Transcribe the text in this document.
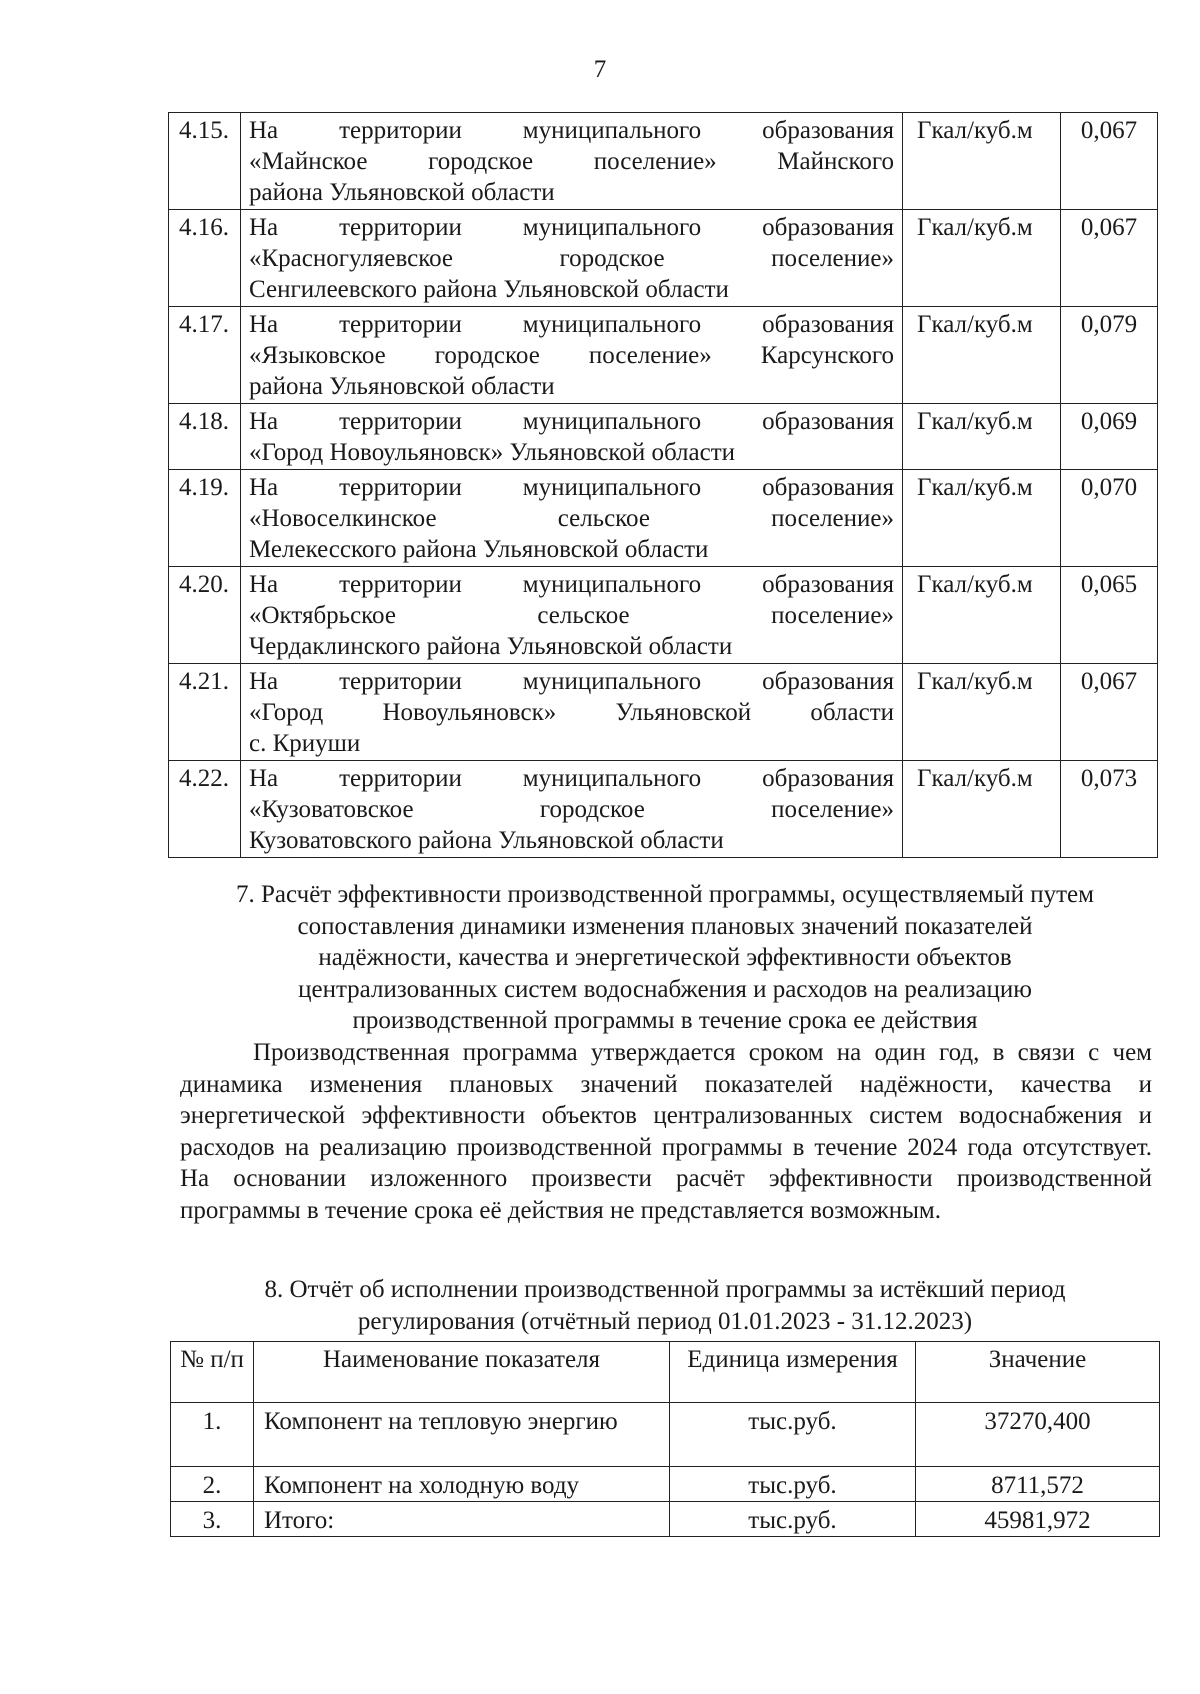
7
4.15.	На территории муниципального образования
«Майнское городское поселение» Майнского
района Ульяновской области	Гкал/куб.м	0,067
4.16.	На территории муниципального образования
«Красногуляевское городское поселение»
Сенгилеевского района Ульяновской области	Гкал/куб.м	0,067
4.17.	На территории муниципального образования
«Языковское городское поселение» Карсунского
района Ульяновской области	Гкал/куб.м	0,079
4.18.	На территории муниципального образования
«Город Новоульяновск» Ульяновской области	Гкал/куб.м	0,069
4.19.	На территории муниципального образования
«Новоселкинское сельское поселение»
Мелекесского района Ульяновской области	Гкал/куб.м	0,070
4.20.	На территории муниципального образования
«Октябрьское сельское поселение»
Чердаклинского района Ульяновской области	Гкал/куб.м	0,065
4.21.	На территории муниципального образования
«Город Новоульяновск» Ульяновской области
с. Криуши	Гкал/куб.м	0,067
4.22.	На территории муниципального образования
«Кузоватовское городское поселение»
Кузоватовского района Ульяновской области	Гкал/куб.м	0,073
7. Расчёт эффективности производственной программы, осуществляемый путем
сопоставления динамики изменения плановых значений показателей
надёжности, качества и энергетической эффективности объектов
централизованных систем водоснабжения и расходов на реализацию
производственной программы в течение срока ее действия
Производственная программа утверждается сроком на один год, в связи с чем динамика изменения плановых значений показателей надёжности, качества и энергетической эффективности объектов централизованных систем водоснабжения и расходов на реализацию производственной программы в течение 2024 года отсутствует. На основании изложенного произвести расчёт эффективности производственной программы в течение срока её действия не представляется возможным.
8. Отчёт об исполнении производственной программы за истёкший период
регулирования (отчётный период 01.01.2023 - 31.12.2023)
№ п/п	Наименование показателя	Единица измерения	Значение
1.	Компонент на тепловую энергию	тыс.руб.	37270,400
2.	Компонент на холодную воду	тыс.руб.	8711,572
3.	Итого:	тыс.руб.	45981,972
